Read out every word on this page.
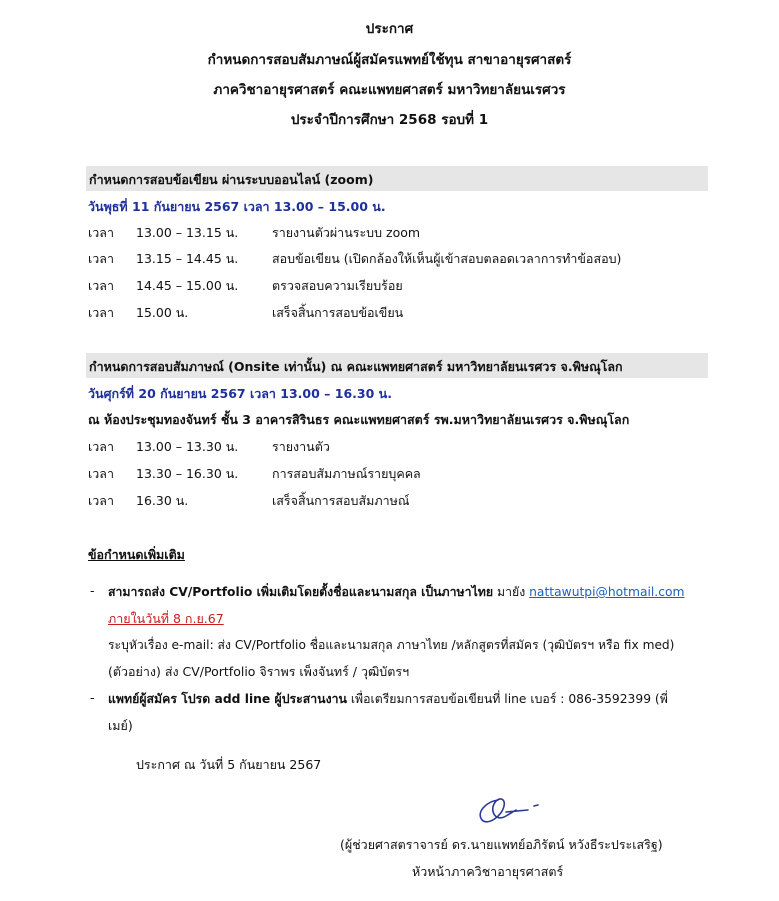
ประกาศ
กำหนดการสอบสัมภาษณ์ผู้สมัครแพทย์ใช้ทุน สาขาอายุรศาสตร์
ภาควิชาอายุรศาสตร์ คณะแพทยศาสตร์ มหาวิทยาลัยนเรศวร
ประจำปีการศึกษา 2568 รอบที่ 1
กำหนดการสอบข้อเขียน ผ่านระบบออนไลน์ (zoom)
วันพุธที่ 11 กันยายน 2567 เวลา 13.00 – 15.00 น.
เวลา 13.00 – 13.15 น.	รายงานตัวผ่านระบบ zoom
เวลา 13.15 – 14.45 น.	สอบข้อเขียน (เปิดกล้องให้เห็นผู้เข้าสอบตลอดเวลาการทำข้อสอบ)
เวลา 14.45 – 15.00 น.	ตรวจสอบความเรียบร้อย
เวลา 15.00 น.	เสร็จสิ้นการสอบข้อเขียน
กำหนดการสอบสัมภาษณ์ (Onsite เท่านั้น) ณ คณะแพทยศาสตร์ มหาวิทยาลัยนเรศวร จ.พิษณุโลก
วันศุกร์ที่ 20 กันยายน 2567 เวลา 13.00 – 16.30 น.
ณ ห้องประชุมทองจันทร์ ชั้น 3 อาคารสิรินธร คณะแพทยศาสตร์ รพ.มหาวิทยาลัยนเรศวร จ.พิษณุโลก
เวลา 13.00 – 13.30 น.	รายงานตัว
เวลา 13.30 – 16.30 น.	การสอบสัมภาษณ์รายบุคคล
เวลา 16.30 น.	เสร็จสิ้นการสอบสัมภาษณ์
ข้อกำหนดเพิ่มเติม
- สามารถส่ง CV/Portfolio เพิ่มเติมโดยตั้งชื่อและนามสกุล เป็นภาษาไทย มายัง nattawutpi@hotmail.com
ภายในวันที่ 8 ก.ย.67
ระบุหัวเรื่อง e-mail: ส่ง CV/Portfolio ชื่อและนามสกุล ภาษาไทย /หลักสูตรที่สมัคร (วุฒิบัตรฯ หรือ fix med)
(ตัวอย่าง) ส่ง CV/Portfolio จิราพร เพ็งจันทร์ / วุฒิบัตรฯ
- แพทย์ผู้สมัคร โปรด add line ผู้ประสานงาน เพื่อเตรียมการสอบข้อเขียนที่ line เบอร์ : 086-3592399 (พี่
เมย์)
ประกาศ ณ วันที่ 5 กันยายน 2567
(ผู้ช่วยศาสตราจารย์ ดร.นายแพทย์อภิรัตน์ หวังธีระประเสริฐ)
หัวหน้าภาควิชาอายุรศาสตร์
